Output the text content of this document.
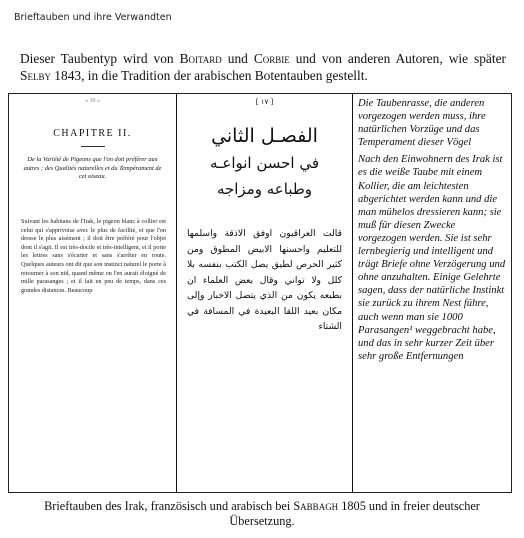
Brieftauben und ihre Verwandten
Dieser Taubentyp wird von Boitard und Corbie und von anderen Autoren, wie später Selby 1843, in die Tradition der arabischen Botentauben gestellt.
« 10 »
CHAPITRE II.
De la Variété de Pigeons que l'on doit préférer aux autres ; des Qualités naturelles et du Tempérament de cet oiseau.
Suivant les habitans de l'Irak, le pigeon blanc à collier est celui qui s'apprivoise avec le plus de facilité, et que l'on dresse le plus aisément ; il doit être préféré pour l'objet dont il s'agit. Il est très-docile et très-intelligent, et il porte les lettres sans s'écarter et sans s'arrêter en route. Quelques auteurs ont dit que son instinct naturel le porte à retourner à son nid, quand même on l'en aurait éloigné de mille parasanges ; et il fait en peu de temps, dans ces grandes distances. Beaucoup
[ ١٧ ]
الفصـل الثاني
في احسن انواعـه
وطباعه ومزاجه
قالت العراقيون اوفق الاذقة واسلمها للتعليم واحسنها الابيض المطوق ومن كثير الحرص لطيق يصل الكتب بنفسه بلا كلل ولا تواني وقال بعض العلماء ان بطبعه يكون من الذي يتصل الاخبار وإلى مكان بعيد اللقا البعيدة في المسافة في الشتاء

Die Taubenrasse, die anderen vorgezogen werden muss, ihre natürlichen Vorzüge und das Temperament dieser Vögel

Nach den Einwohnern des Irak ist es die weiße Taube mit einem Kollier, die am leichtesten abgerichtet werden kann und die man mühelos dressieren kann; sie muß für diesen Zwecke vorgezogen werden. Sie ist sehr lernbegierig und intelligent und trägt Briefe ohne Verzögerung und ohne anzuhalten. Einige Gelehrte sagen, dass der natürliche Instinkt sie zurück zu ihrem Nest führe, auch wenn man sie 1000 Parasangen¹ weggebracht habe, und das in sehr kurzer Zeit über sehr große Entfernungen

Brieftauben des Irak, französisch und arabisch bei Sabbagh 1805 und in freier deutscher Übersetzung.
